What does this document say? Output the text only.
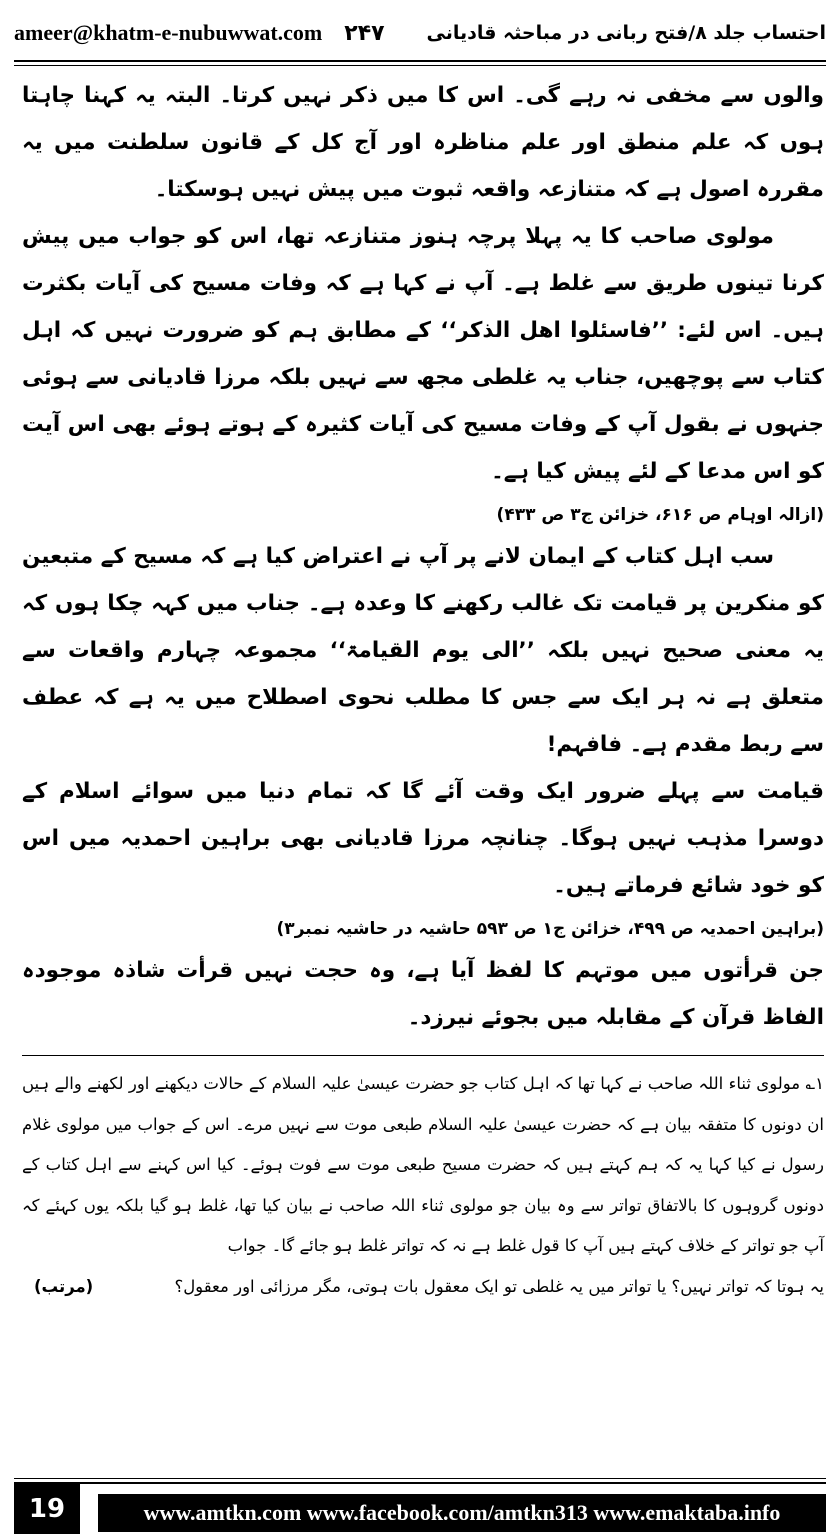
ameer@khatm-e-nubuwwat.com ۲۴۷ احتساب جلد ۸/فتح ربانی در مباحثہ قادیانی

والوں سے مخفی نہ رہے گی۔ اس کا میں ذکر نہیں کرتا۔ البتہ یہ کہنا چاہتا ہوں کہ علم منطق اور علم مناظرہ اور آج کل کے قانون سلطنت میں یہ مقررہ اصول ہے کہ متنازعہ واقعہ ثبوت میں پیش نہیں ہوسکتا۔

مولوی صاحب کا یہ پہلا پرچہ ہنوز متنازعہ تھا، اس کو جواب میں پیش کرنا تینوں طریق سے غلط ہے۔ آپ نے کہا ہے کہ وفات مسیح کی آیات بکثرت ہیں۔ اس لئے: ’’فاسئلوا اھل الذکر‘‘ کے مطابق ہم کو ضرورت نہیں کہ اہل کتاب سے پوچھیں، جناب یہ غلطی مجھ سے نہیں بلکہ مرزا قادیانی سے ہوئی جنہوں نے بقول آپ کے وفات مسیح کی آیات کثیرہ کے ہوتے ہوئے بھی اس آیت کو اس مدعا کے لئے پیش کیا ہے۔

(ازالہ اوہام ص ۶۱۶، خزائن ج۳ ص ۴۳۳)

سب اہل کتاب کے ایمان لانے پر آپ نے اعتراض کیا ہے کہ مسیح کے متبعین کو منکرین پر قیامت تک غالب رکھنے کا وعدہ ہے۔ جناب میں کہہ چکا ہوں کہ یہ معنی صحیح نہیں بلکہ ’’الی یوم القیامۃ‘‘ مجموعہ چہارم واقعات سے متعلق ہے نہ ہر ایک سے جس کا مطلب نحوی اصطلاح میں یہ ہے کہ عطف سے ربط مقدم ہے۔ فافہم!

قیامت سے پہلے ضرور ایک وقت آئے گا کہ تمام دنیا میں سوائے اسلام کے دوسرا مذہب نہیں ہوگا۔ چنانچہ مرزا قادیانی بھی براہین احمدیہ میں اس کو خود شائع فرماتے ہیں۔

(براہین احمدیہ ص ۴۹۹، خزائن ج۱ ص ۵۹۳ حاشیہ در حاشیہ نمبر۳)

جن قرأتوں میں موتہم کا لفظ آیا ہے، وہ حجت نہیں قرأت شاذہ موجودہ الفاظ قرآن کے مقابلہ میں بجوئے نیرزد۔

۱؎ مولوی ثناء اللہ صاحب نے کہا تھا کہ اہل کتاب جو حضرت عیسیٰ علیہ السلام کے حالات دیکھنے اور لکھنے والے ہیں ان دونوں کا متفقہ بیان ہے کہ حضرت عیسیٰ علیہ السلام طبعی موت سے نہیں مرے۔ اس کے جواب میں مولوی غلام رسول نے کیا کہا یہ کہ ہم کہتے ہیں کہ حضرت مسیح طبعی موت سے فوت ہوئے۔ کیا اس کہنے سے اہل کتاب کے دونوں گروہوں کا بالاتفاق تواتر سے وہ بیان جو مولوی ثناء اللہ صاحب نے بیان کیا تھا، غلط ہو گیا بلکہ یوں کہئے کہ آپ جو تواتر کے خلاف کہتے ہیں آپ کا قول غلط ہے نہ کہ تواتر غلط ہو جائے گا۔ جواب

یہ ہوتا کہ تواتر نہیں؟ یا تواتر میں یہ غلطی تو ایک معقول بات ہوتی، مگر مرزائی اور معقول؟
(مرتب)
19	www.amtkn.com www.facebook.com/amtkn313 www.emaktaba.info
